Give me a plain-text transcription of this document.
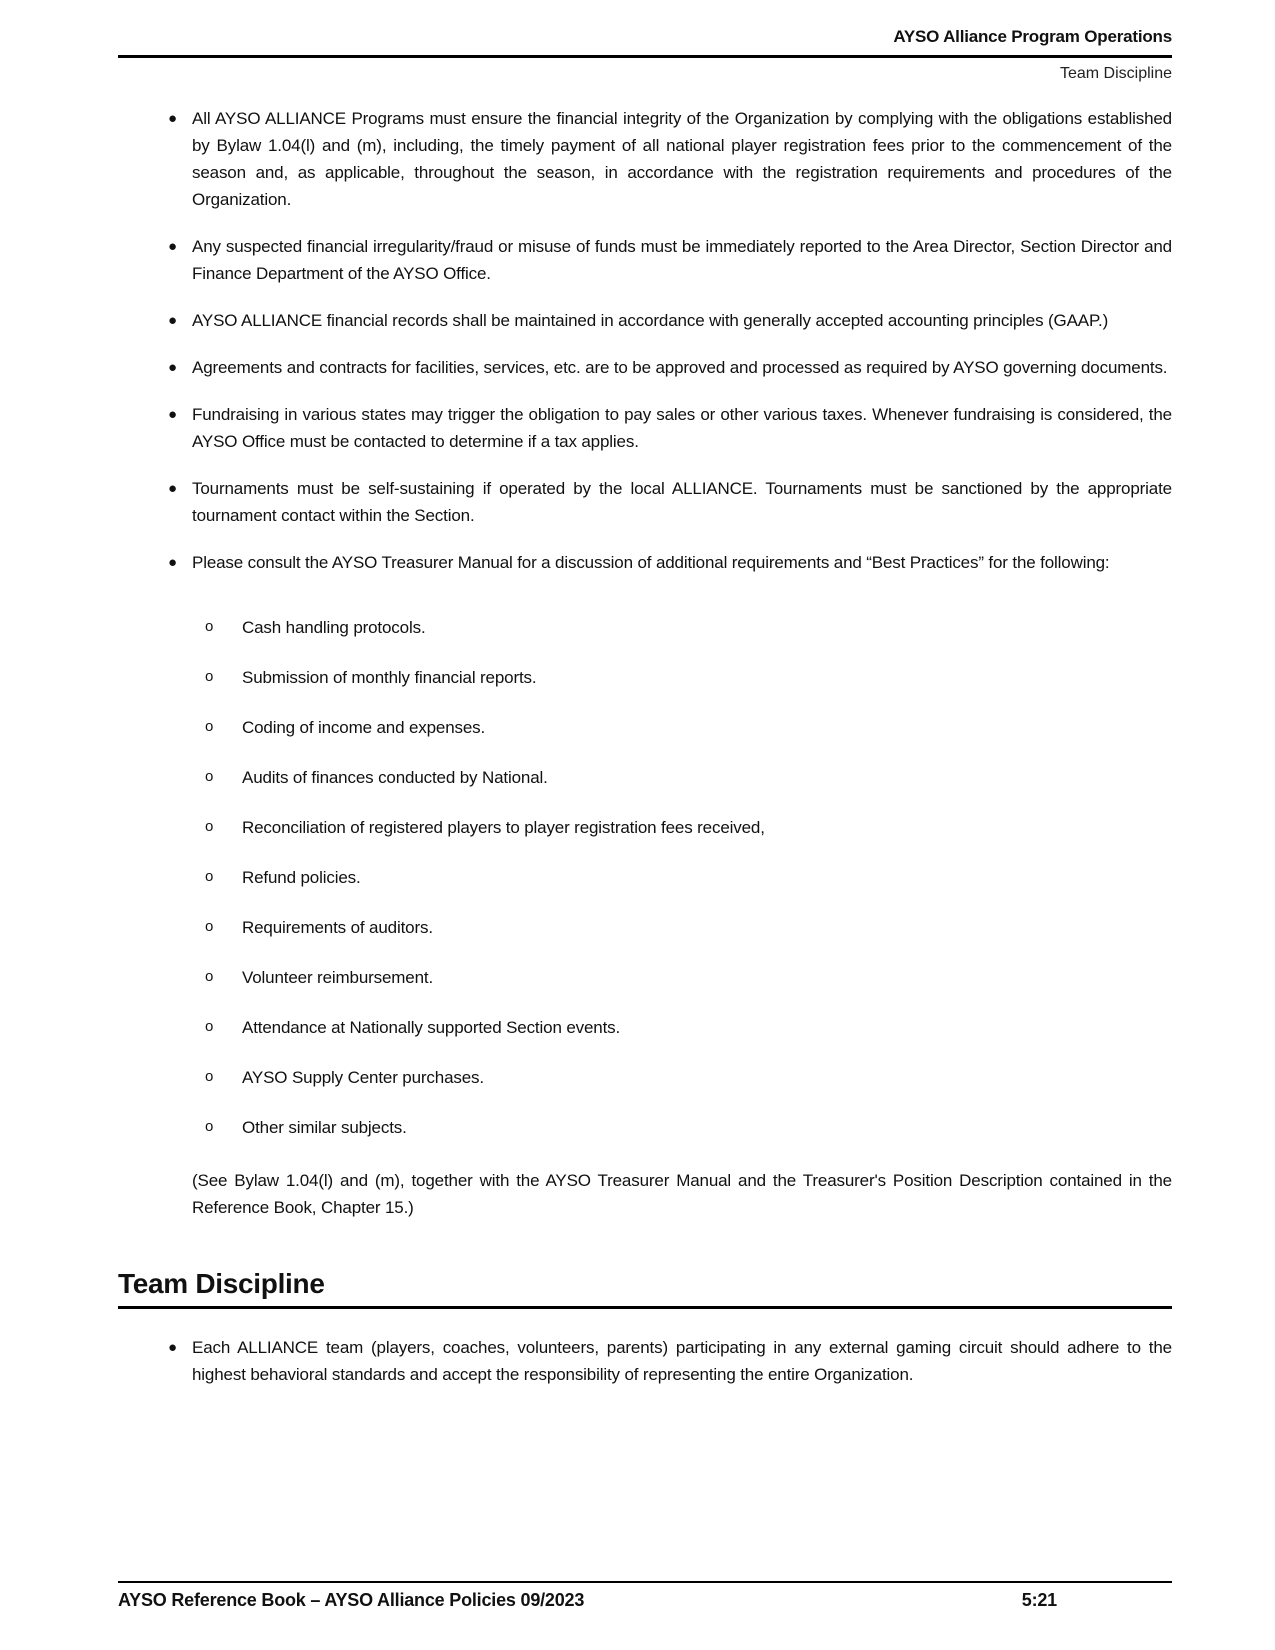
AYSO Alliance Program Operations
Team Discipline
● All AYSO ALLIANCE Programs must ensure the financial integrity of the Organization by complying with the obligations established by Bylaw 1.04(l) and (m), including, the timely payment of all national player registration fees prior to the commencement of the season and, as applicable, throughout the season, in accordance with the registration requirements and procedures of the Organization.
● Any suspected financial irregularity/fraud or misuse of funds must be immediately reported to the Area Director, Section Director and Finance Department of the AYSO Office.
● AYSO ALLIANCE financial records shall be maintained in accordance with generally accepted accounting principles (GAAP.)
● Agreements and contracts for facilities, services, etc. are to be approved and processed as required by AYSO governing documents.
● Fundraising in various states may trigger the obligation to pay sales or other various taxes. Whenever fundraising is considered, the AYSO Office must be contacted to determine if a tax applies.
● Tournaments must be self-sustaining if operated by the local ALLIANCE. Tournaments must be sanctioned by the appropriate tournament contact within the Section.
● Please consult the AYSO Treasurer Manual for a discussion of additional requirements and “Best Practices” for the following:
o Cash handling protocols.
o Submission of monthly financial reports.
o Coding of income and expenses.
o Audits of finances conducted by National.
o Reconciliation of registered players to player registration fees received,
o Refund policies.
o Requirements of auditors.
o Volunteer reimbursement.
o Attendance at Nationally supported Section events.
o AYSO Supply Center purchases.
o Other similar subjects.
(See Bylaw 1.04(l) and (m), together with the AYSO Treasurer Manual and the Treasurer's Position Description contained in the Reference Book, Chapter 15.)
Team Discipline
● Each ALLIANCE team (players, coaches, volunteers, parents) participating in any external gaming circuit should adhere to the highest behavioral standards and accept the responsibility of representing the entire Organization.
AYSO Reference Book – AYSO Alliance Policies 09/2023	5:21
